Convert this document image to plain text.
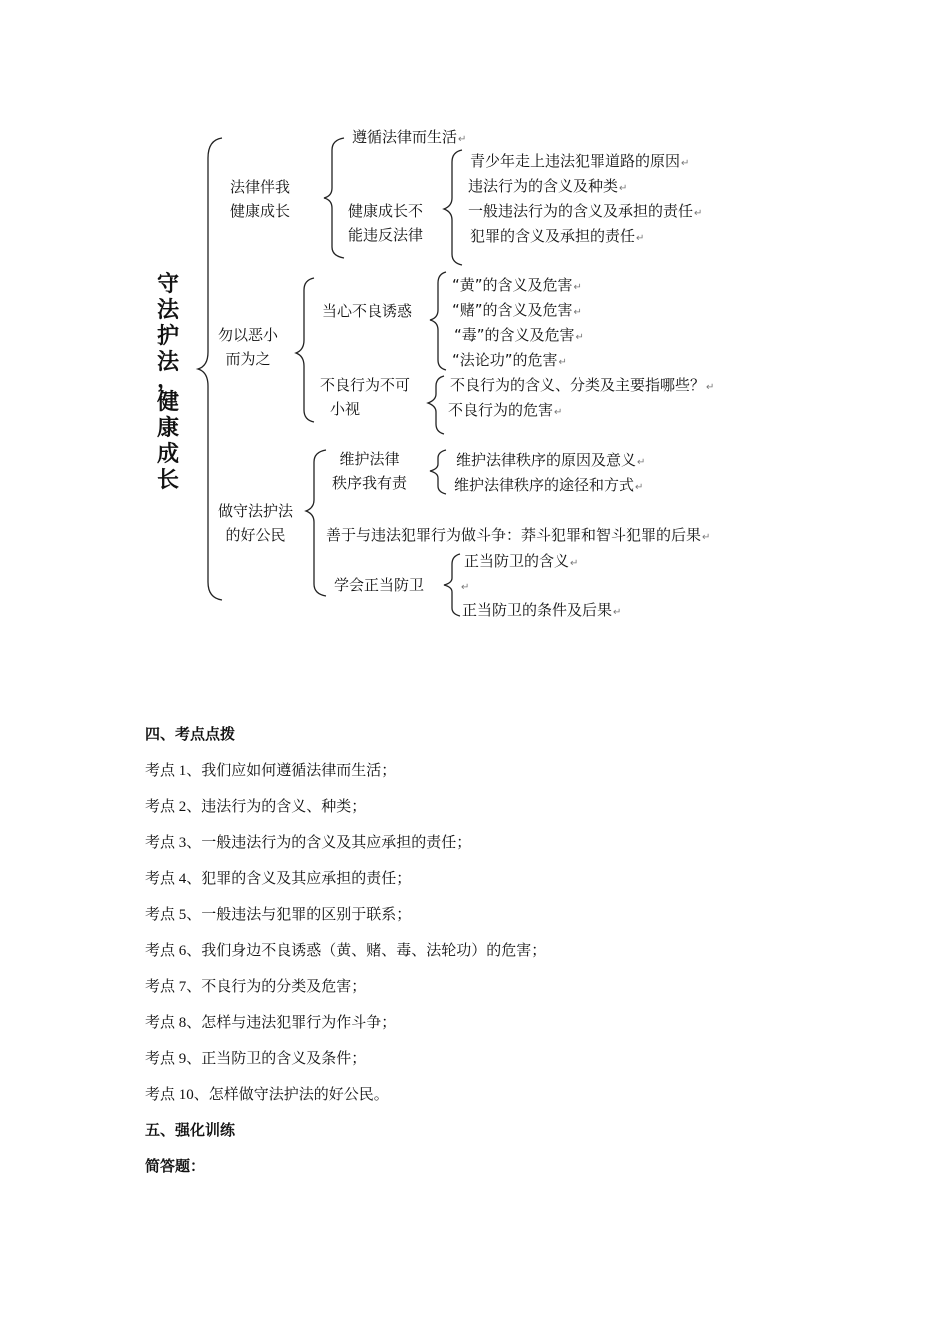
守
法
护
法
，
健
康
成
长
法律伴我
健康成长
勿以恶小
而为之
做守法护法
的好公民
遵循法律而生活↵
健康成长不
能违反法律
青少年走上违法犯罪道路的原因↵
违法行为的含义及种类↵
一般违法行为的含义及承担的责任↵
犯罪的含义及承担的责任↵
当心不良诱惑
“黄”的含义及危害↵
“赌”的含义及危害↵
“毒”的含义及危害↵
“法论功”的危害↵
不良行为不可
小视
不良行为的含义、分类及主要指哪些？↵
不良行为的危害↵
维护法律
秩序我有责
维护法律秩序的原因及意义↵
维护法律秩序的途径和方式↵
善于与违法犯罪行为做斗争：莽斗犯罪和智斗犯罪的后果↵
学会正当防卫
正当防卫的含义↵
↵
正当防卫的条件及后果↵
四、考点点拨
考点 1、我们应如何遵循法律而生活；
考点 2、违法行为的含义、种类；
考点 3、一般违法行为的含义及其应承担的责任；
考点 4、犯罪的含义及其应承担的责任；
考点 5、一般违法与犯罪的区别于联系；
考点 6、我们身边不良诱惑（黄、赌、毒、法轮功）的危害；
考点 7、不良行为的分类及危害；
考点 8、怎样与违法犯罪行为作斗争；
考点 9、正当防卫的含义及条件；
考点 10、怎样做守法护法的好公民。
五、强化训练
简答题：
